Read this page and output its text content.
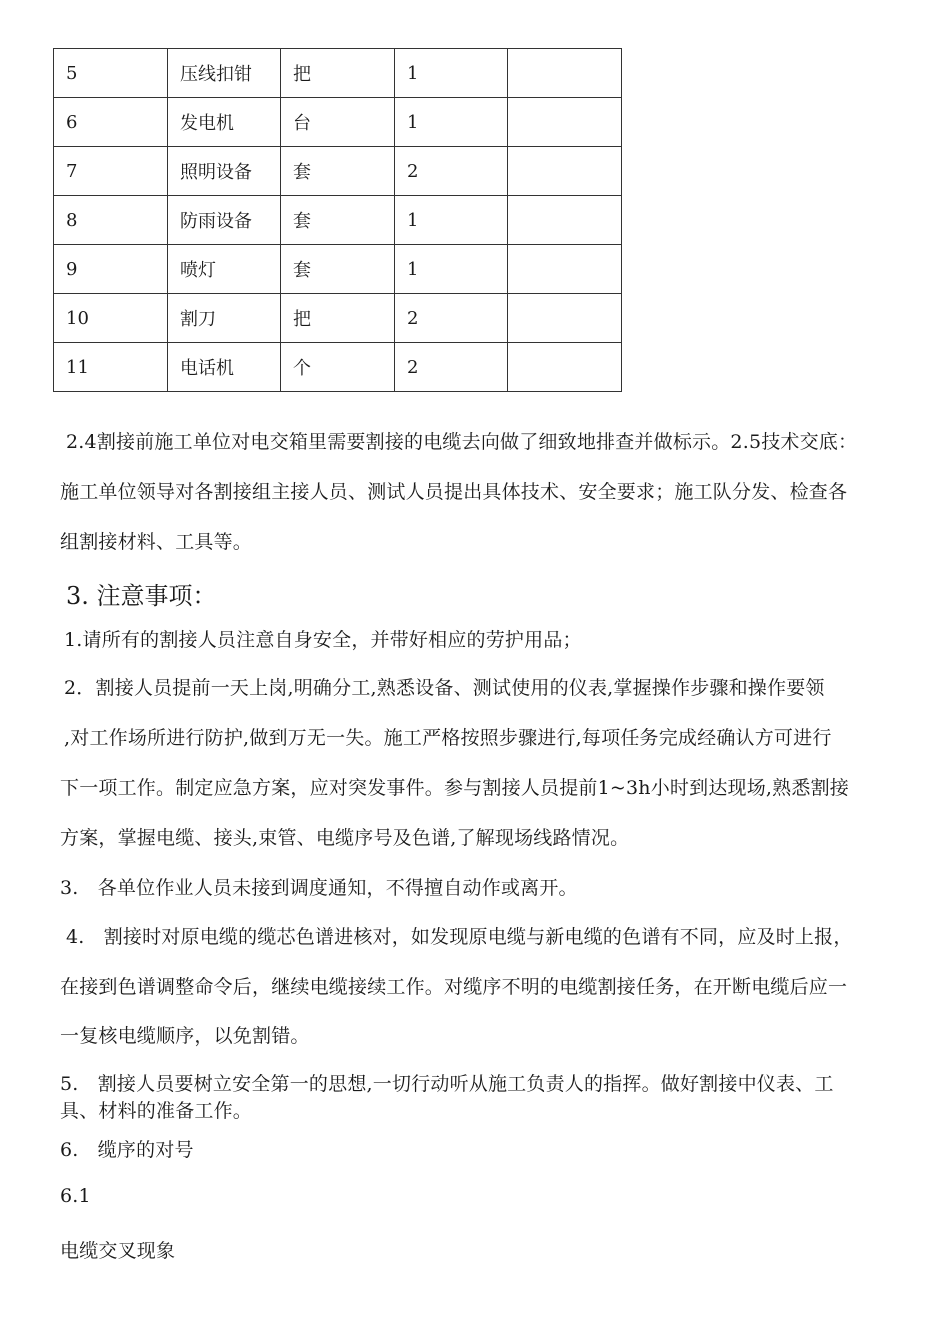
5	压线扣钳	把	1	
6	发电机	台	1	
7	照明设备	套	2	
8	防雨设备	套	1	
9	喷灯	套	1	
10	割刀	把	2	
11	电话机	个	2	
2.4割接前施工单位对电交箱里需要割接的电缆去向做了细致地排查并做标示。2.5技术交底：
施工单位领导对各割接组主接人员、测试人员提出具体技术、安全要求；施工队分发、检查各
组割接材料、工具等。
3. 注意事项：
1.请所有的割接人员注意自身安全，并带好相应的劳护用品；
2．割接人员提前一天上岗,明确分工,熟悉设备、测试使用的仪表,掌握操作步骤和操作要领
,对工作场所进行防护,做到万无一失。施工严格按照步骤进行,每项任务完成经确认方可进行
下一项工作。制定应急方案，应对突发事件。参与割接人员提前1~3h小时到达现场,熟悉割接
方案，掌握电缆、接头,束管、电缆序号及色谱,了解现场线路情况。
3.　各单位作业人员未接到调度通知，不得擅自动作或离开。
4.　割接时对原电缆的缆芯色谱进核对，如发现原电缆与新电缆的色谱有不同，应及时上报，
在接到色谱调整命令后，继续电缆接续工作。对缆序不明的电缆割接任务，在开断电缆后应一
一复核电缆顺序，以免割错。
5.　割接人员要树立安全第一的思想,一切行动听从施工负责人的指挥。做好割接中仪表、工
具、材料的准备工作。
6.　缆序的对号
6.1
电缆交叉现象
